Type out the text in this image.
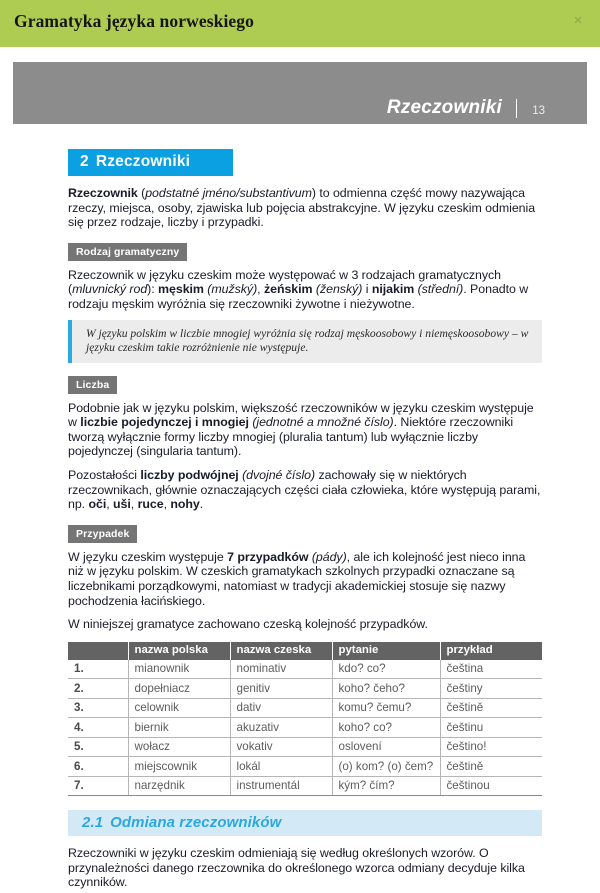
Gramatyka języka norweskiego	×
Rzeczowniki	13
2 Rzeczowniki

Rzeczownik (podstatné jméno/substantivum) to odmienna część mowy nazywająca rzeczy, miejsca, osoby, zjawiska lub pojęcia abstrakcyjne. W języku czeskim odmienia się przez rodzaje, liczby i przypadki.

Rodzaj gramatyczny

Rzeczownik w języku czeskim może występować w 3 rodzajach gramatycznych (mluvnický rod): męskim (mužský), żeńskim (ženský) i nijakim (střední). Ponadto w rodzaju męskim wyróżnia się rzeczowniki żywotne i nieżywotne.

W języku polskim w liczbie mnogiej wyróżnia się rodzaj męskoosobowy i niemęskoosobowy – w języku czeskim takie rozróżnienie nie występuje.
Liczba

Podobnie jak w języku polskim, większość rzeczowników w języku czeskim występuje w liczbie pojedynczej i mnogiej (jednotné a množné číslo). Niektóre rzeczowniki tworzą wyłącznie formy liczby mnogiej (pluralia tantum) lub wyłącznie liczby pojedynczej (singularia tantum).

Pozostałości liczby podwójnej (dvojné číslo) zachowały się w niektórych rzeczownikach, głównie oznaczających części ciała człowieka, które występują parami, np. oči, uši, ruce, nohy.

Przypadek

W języku czeskim występuje 7 przypadków (pády), ale ich kolejność jest nieco inna niż w języku polskim. W czeskich gramatykach szkolnych przypadki oznaczane są liczebnikami porządkowymi, natomiast w tradycji akademickiej stosuje się nazwy pochodzenia łacińskiego.

W niniejszej gramatyce zachowano czeską kolejność przypadków.

	nazwa polska	nazwa czeska	pytanie	przykład
1.	mianownik	nominativ	kdo? co?	čeština
2.	dopełniacz	genitiv	koho? čeho?	češtiny
3.	celownik	dativ	komu? čemu?	češtině
4.	biernik	akuzativ	koho? co?	češtinu
5.	wołacz	vokativ	oslovení	češtino!
6.	miejscownik	lokál	(o) kom? (o) čem?	češtině
7.	narzędnik	instrumentál	kým? čím?	češtinou
2.1 Odmiana rzeczowników

Rzeczowniki w języku czeskim odmieniają się według określonych wzorów. O przynależności danego rzeczownika do określonego wzorca odmiany decyduje kilka czynników.
